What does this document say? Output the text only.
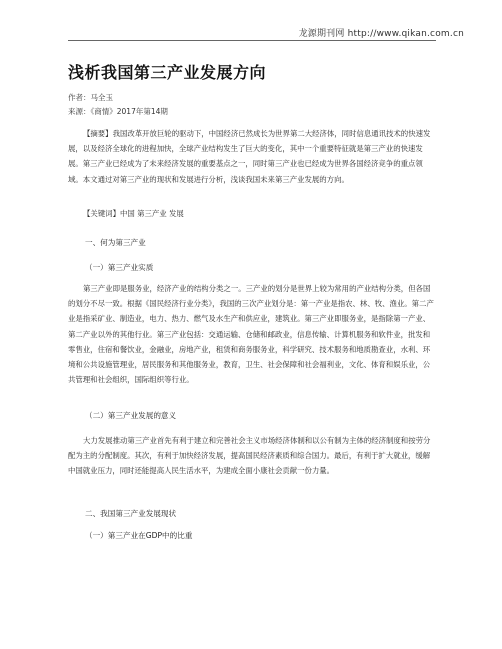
龙源期刊网 http://www.qikan.com.cn
浅析我国第三产业发展方向
作者：马全玉
来源：《商情》2017年第14期
【摘要】我国改革开放巨轮的驱动下，中国经济已然成长为世界第二大经济体，同时信息通讯技术的快速发展，以及经济全球化的进程加快，全球产业结构发生了巨大的变化，其中一个重要特征就是第三产业的快速发展。第三产业已经成为了未来经济发展的重要基点之一，同时第三产业也已经成为世界各国经济竞争的重点领域。本文通过对第三产业的现状和发展进行分析，浅谈我国未来第三产业发展的方向。
【关键词】中国 第三产业 发展
一、何为第三产业
（一）第三产业实质
第三产业即是服务业，经济产业的结构分类之一。三产业的划分是世界上较为常用的产业结构分类，但各国的划分不尽一致。根据《国民经济行业分类》，我国的三次产业划分是：第一产业是指农、林、牧、渔业。第二产业是指采矿业、制造业，电力、热力、燃气及水生产和供应业，建筑业。第三产业即服务业，是指除第一产业、第二产业以外的其他行业。第三产业包括：交通运输、仓储和邮政业，信息传输、计算机服务和软件业，批发和零售业，住宿和餐饮业，金融业，房地产业，租赁和商务服务业，科学研究、技术服务和地质勘查业，水利、环境和公共设施管理业，居民服务和其他服务业，教育，卫生、社会保障和社会福利业，文化、体育和娱乐业，公共管理和社会组织，国际组织等行业。
（二）第三产业发展的意义
大力发展推动第三产业首先有利于建立和完善社会主义市场经济体制和以公有制为主体的经济制度和按劳分配为主的分配制度。其次，有利于加快经济发展，提高国民经济素质和综合国力。最后，有利于扩大就业，缓解中国就业压力，同时还能提高人民生活水平，为建成全面小康社会贡献一份力量。
二、我国第三产业发展现状
（一）第三产业在GDP中的比重
